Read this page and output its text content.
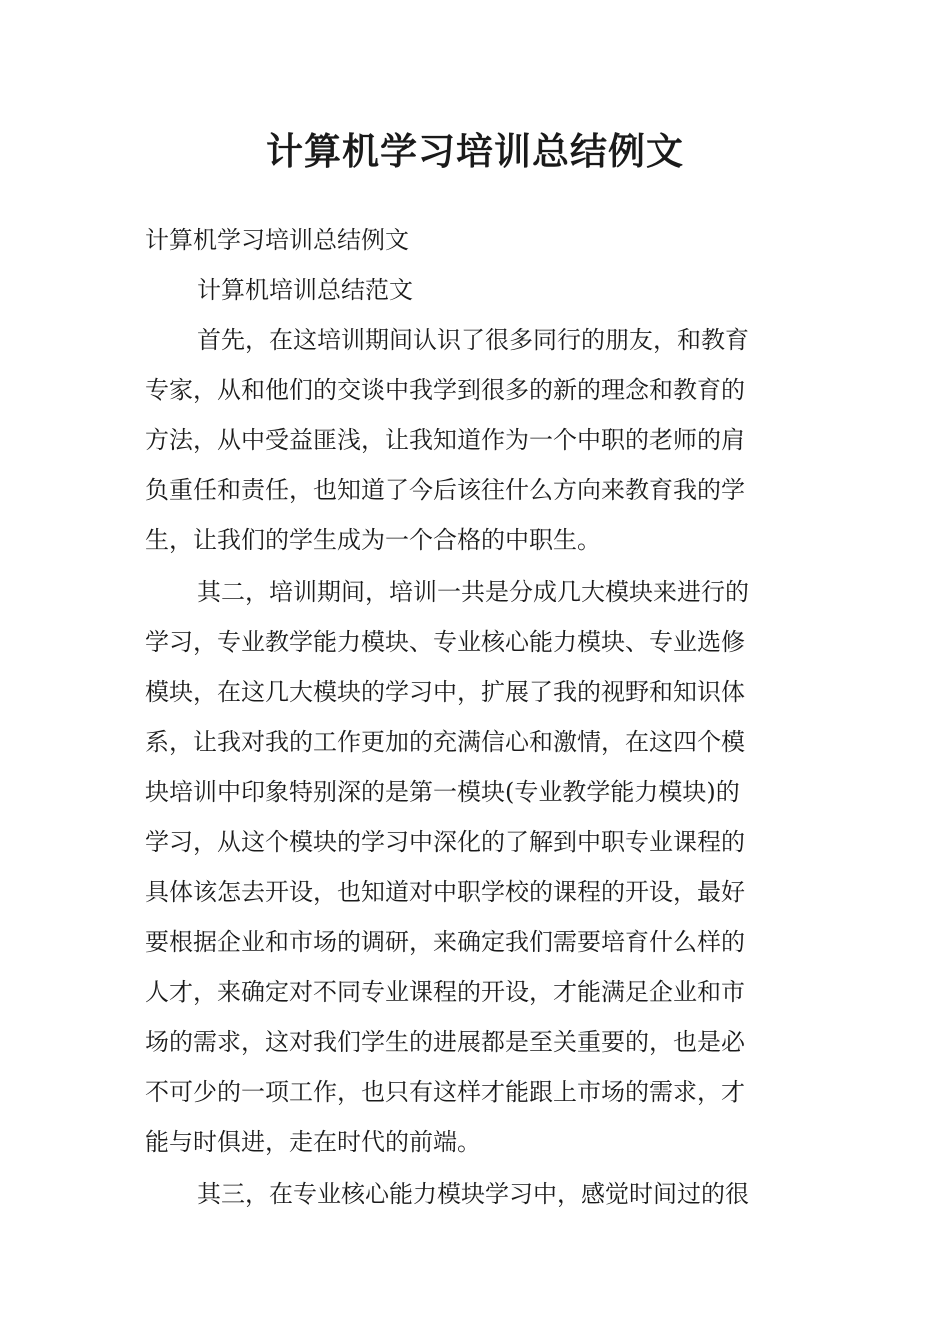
计算机学习培训总结例文

计算机学习培训总结例文

计算机培训总结范文

首先，在这培训期间认识了很多同行的朋友，和教育
专家，从和他们的交谈中我学到很多的新的理念和教育的
方法，从中受益匪浅，让我知道作为一个中职的老师的肩
负重任和责任，也知道了今后该往什么方向来教育我的学
生，让我们的学生成为一个合格的中职生。

其二，培训期间，培训一共是分成几大模块来进行的
学习，专业教学能力模块、专业核心能力模块、专业选修
模块，在这几大模块的学习中，扩展了我的视野和知识体
系，让我对我的工作更加的充满信心和激情，在这四个模
块培训中印象特别深的是第一模块(专业教学能力模块)的
学习，从这个模块的学习中深化的了解到中职专业课程的
具体该怎去开设，也知道对中职学校的课程的开设，最好
要根据企业和市场的调研，来确定我们需要培育什么样的
人才，来确定对不同专业课程的开设，才能满足企业和市
场的需求，这对我们学生的进展都是至关重要的，也是必
不可少的一项工作，也只有这样才能跟上市场的需求，才
能与时俱进，走在时代的前端。

其三，在专业核心能力模块学习中，感觉时间过的很
